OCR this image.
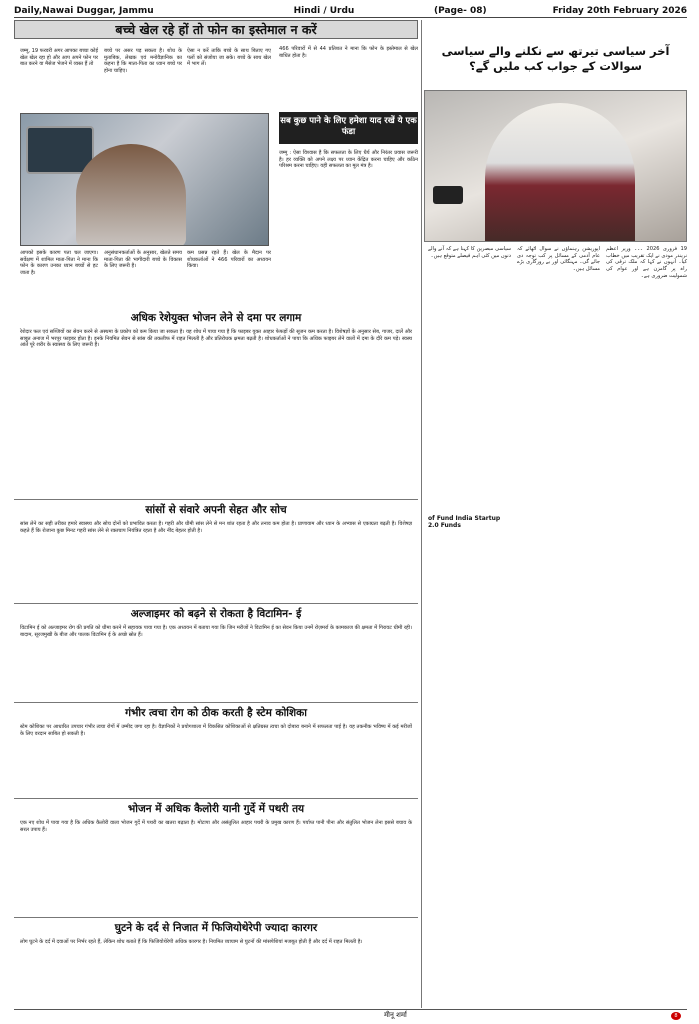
Daily,Nawai Duggar, Jammu	Hindi / Urdu	(Page- 08)	Friday 20th February 2026
बच्चे खेल रहे हों तो फोन का इस्तेमाल न करें
जम्मू, 19 फरवरी अगर आपका बच्चा कोई खेल खेल रहा हो और आप अपने फोन पर बात करने या मैसेज भेजने में व्यस्त हैं तो
बच्चे पर असर पड़ सकता है। शोध के मुताबिक, लेखक एवं मनोवैज्ञानिक का कहना है कि माता-पिता का ध्यान बच्चे पर होना चाहिए।
ऐसा न करें ताकि बच्चे के साथ बिताए गए पलों को संजोया जा सके। बच्चे के साथ खेल में भाग लें।
466 परिवारों में से 44 प्रतिशत ने माना कि फोन के इस्तेमाल से खेल बाधित होता है।
सब कुछ पाने के लिए हमेशा याद रखें ये एक फंडा
जम्मू : ऐसा विश्वास है कि सफलता के लिए धैर्य और निरंतर प्रयास जरूरी है। हर व्यक्ति को अपने लक्ष्य पर ध्यान केंद्रित करना चाहिए और कठिन परिश्रम करना चाहिए। यही सफलता का मूल मंत्र है।
आपको इसके कारण पता चल जाएगा। सर्वेक्षण में शामिल माता-पिता ने माना कि फोन के कारण उनका ध्यान बच्चों से हट जाता है।
अनुसंधानकर्ताओं के अनुसार, खेलते समय माता-पिता की भागीदारी बच्चे के विकास के लिए जरूरी है।
कम प्रसन्न रहते हैं। खेल के मैदान पर शोधकर्ताओं ने 466 परिवारों का अध्ययन किया।
अधिक रेशेयुक्त भोजन लेने से दमा पर लगाम
रेशेदार फल एवं सब्जियों का सेवन करने से अस्थमा के प्रकोप को कम किया जा सकता है। यह शोध में पाया गया है कि फाइबर युक्त आहार फेफड़ों की सूजन कम करता है। विशेषज्ञों के अनुसार सेब, गाजर, दालें और साबुत अनाज में भरपूर फाइबर होता है। इनके नियमित सेवन से सांस की तकलीफ में राहत मिलती है और प्रतिरोधक क्षमता बढ़ती है। शोधकर्ताओं ने पाया कि अधिक फाइबर लेने वालों में दमा के दौरे कम पड़े। स्वस्थ आंतें पूरे शरीर के स्वास्थ्य के लिए जरूरी हैं।
सांसों से संवारे अपनी सेहत और सोच
सांस लेने का सही तरीका हमारे स्वास्थ्य और सोच दोनों को प्रभावित करता है। गहरी और धीमी सांस लेने से मन शांत रहता है और तनाव कम होता है। प्राणायाम और ध्यान के अभ्यास से एकाग्रता बढ़ती है। विशेषज्ञ कहते हैं कि रोजाना कुछ मिनट गहरी सांस लेने से रक्तचाप नियंत्रित रहता है और नींद बेहतर होती है।
अल्जाइमर को बढ़ने से रोकता है विटामिन- ई
विटामिन ई को अल्जाइमर रोग की प्रगति को धीमा करने में सहायक पाया गया है। एक अध्ययन में बताया गया कि जिन मरीजों ने विटामिन ई का सेवन किया उनमें रोज़मर्रा के कामकाज की क्षमता में गिरावट धीमी रही। बादाम, सूरजमुखी के बीज और पालक विटामिन ई के अच्छे स्रोत हैं।
गंभीर त्वचा रोग को ठीक करती है स्टेम कोशिका
स्टेम कोशिका पर आधारित उपचार गंभीर त्वचा रोगों में उम्मीद जगा रहा है। वैज्ञानिकों ने प्रयोगशाला में विकसित कोशिकाओं से क्षतिग्रस्त त्वचा को दोबारा बनाने में सफलता पाई है। यह तकनीक भविष्य में कई मरीजों के लिए वरदान साबित हो सकती है।
भोजन में अधिक कैलोरी यानी गुर्दे में पथरी तय
एक नए शोध में पाया गया है कि अधिक कैलोरी वाला भोजन गुर्दे में पथरी का खतरा बढ़ाता है। मोटापा और असंतुलित आहार पथरी के प्रमुख कारण हैं। पर्याप्त पानी पीना और संतुलित भोजन लेना इससे बचाव के सरल उपाय हैं।
घुटने के दर्द से निजात में फिजियोथेरेपी ज्यादा कारगर
लोग घुटने के दर्द में दवाओं पर निर्भर रहते हैं, लेकिन शोध बताते हैं कि फिजियोथेरेपी अधिक कारगर है। नियमित व्यायाम से घुटनों की मांसपेशियां मजबूत होती हैं और दर्द में राहत मिलती है।
آخر سیاسی تیرتھ سے نکلنے والے سیاسی سوالات کے جواب کب ملیں گے؟
19 فروری 2026 ۔۔۔ وزیر اعظم نریندر مودی نے ایک تقریب میں خطاب کیا۔ انہوں نے کہا کہ ملک ترقی کی راہ پر گامزن ہے اور عوام کی شمولیت ضروری ہے۔
اپوزیشن رہنماؤں نے سوال اٹھائے کہ عام آدمی کے مسائل پر کب توجہ دی جائے گی۔ مہنگائی اور بے روزگاری بڑے مسائل ہیں۔
سیاسی مبصرین کا کہنا ہے کہ آنے والے دنوں میں کئی اہم فیصلے متوقع ہیں۔
of Fund India Startup 2.0 Funds
मीनू शर्मा	8
